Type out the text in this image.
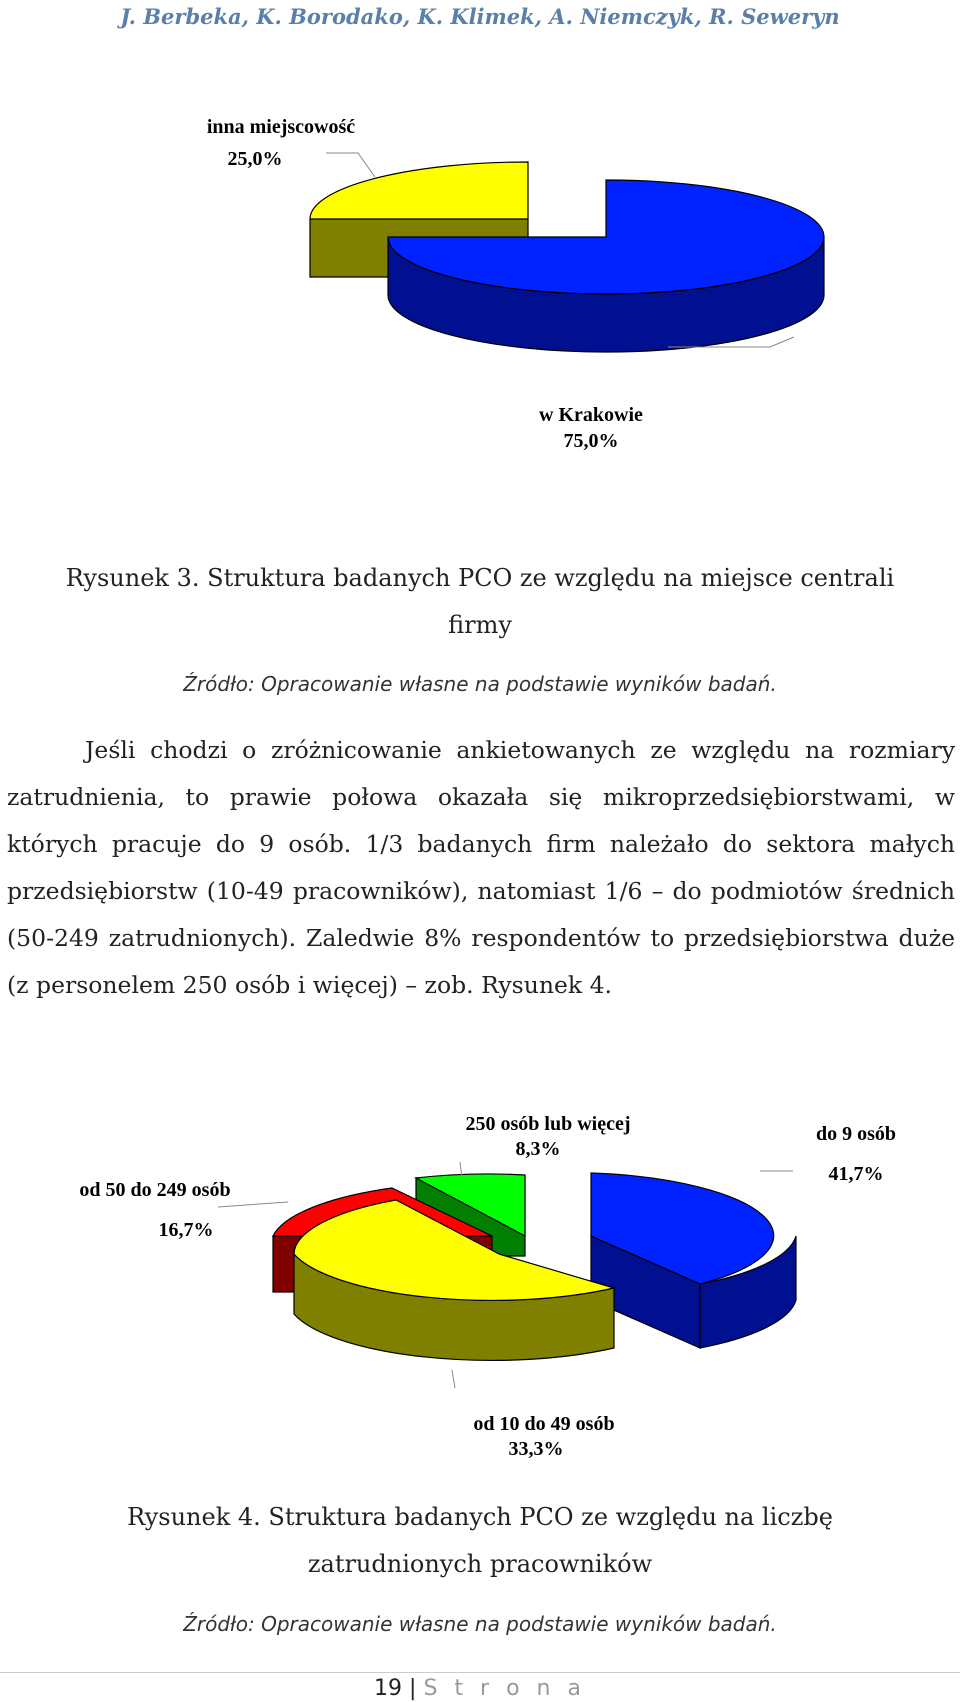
J. Berbeka, K. Borodako, K. Klimek, A. Niemczyk, R. Seweryn
inna miejscowość
25,0%
w Krakowie
75,0%
Rysunek 3. Struktura badanych PCO ze względu na miejsce centrali firmy
Źródło: Opracowanie własne na podstawie wyników badań.

Jeśli chodzi o zróżnicowanie ankietowanych ze względu na rozmiary zatrudnienia, to prawie połowa okazała się mikroprzedsiębiorstwami, w których pracuje do 9 osób. 1/3 badanych firm należało do sektora małych przedsiębiorstw (10-49 pracowników), natomiast 1/6 – do podmiotów średnich (50-249 zatrudnionych). Zaledwie 8% respondentów to przedsiębiorstwa duże (z personelem 250 osób i więcej) – zob. Rysunek 4.

250 osób lub więcej
8,3%
do 9 osób
41,7%
od 50 do 249 osób
16,7%
od 10 do 49 osób
33,3%
Rysunek 4. Struktura badanych PCO ze względu na liczbę zatrudnionych pracowników
Źródło: Opracowanie własne na podstawie wyników badań.
19 | S t r o n a
